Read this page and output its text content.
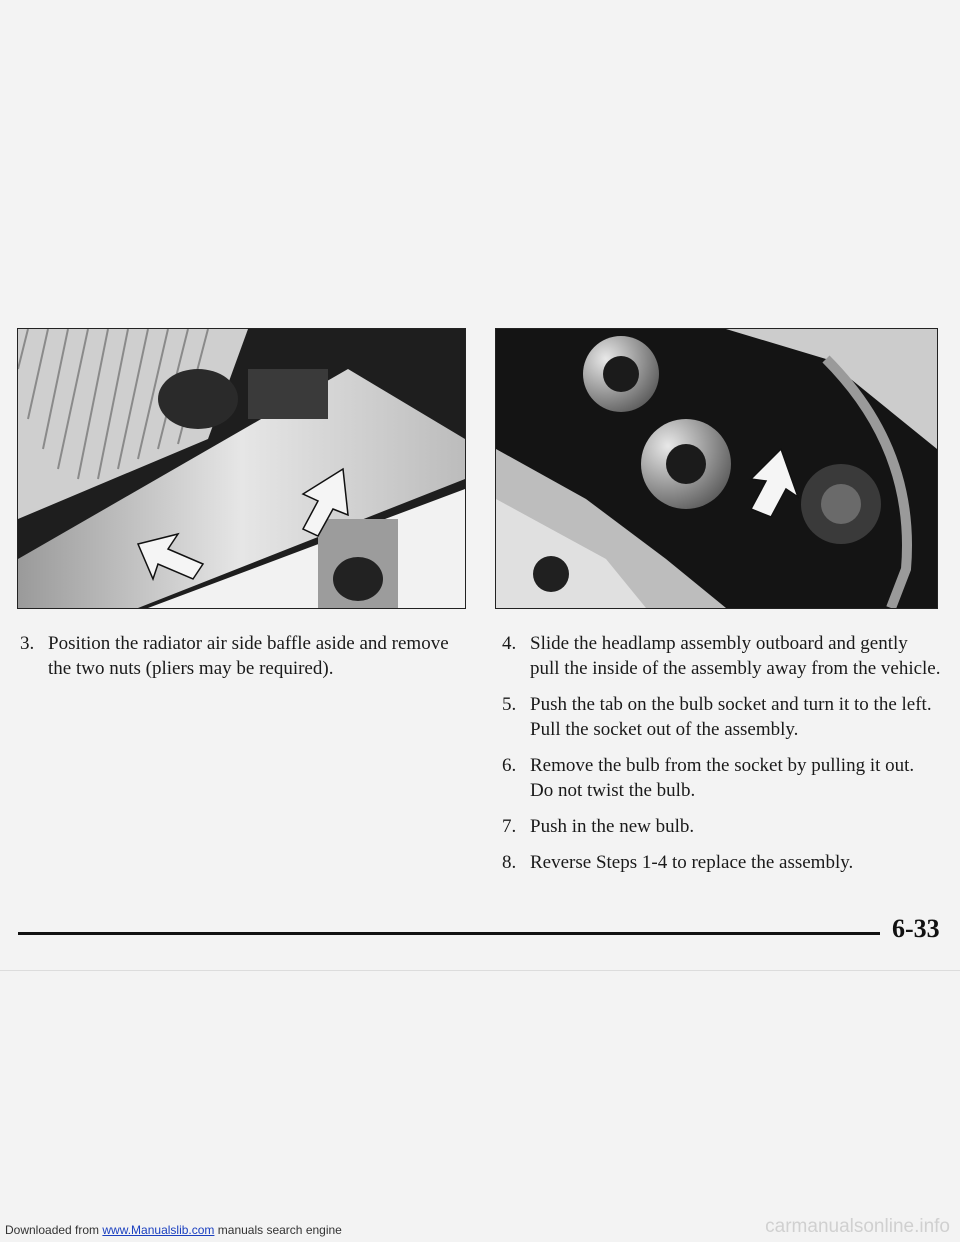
3. Position the radiator air side baffle aside and remove the two nuts (pliers may be required).
4. Slide the headlamp assembly outboard and gently pull the inside of the assembly away from the vehicle.
5. Push the tab on the bulb socket and turn it to the left. Pull the socket out of the assembly.
6. Remove the bulb from the socket by pulling it out. Do not twist the bulb.
7. Push in the new bulb.
8. Reverse Steps 1-4 to replace the assembly.
6-33
Downloaded from www.Manualslib.com manuals search engine	carmanualsonline.info
